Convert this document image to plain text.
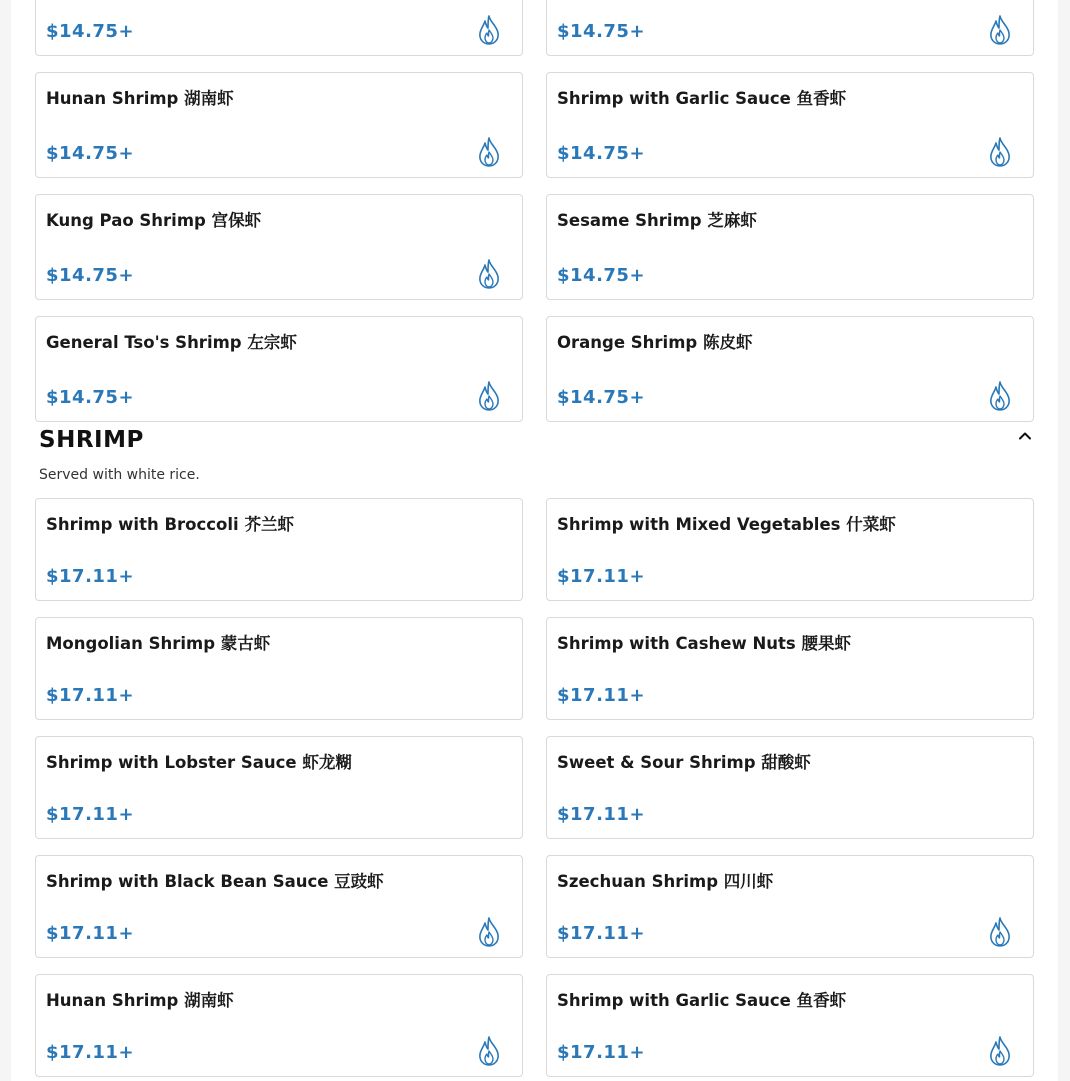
$14.75+	$14.75+
Hunan Shrimp 湖南虾
$14.75+
Shrimp with Garlic Sauce 鱼香虾
$14.75+
Kung Pao Shrimp 宫保虾
$14.75+
Sesame Shrimp 芝麻虾
$14.75+
General Tso's Shrimp 左宗虾
$14.75+
Orange Shrimp 陈皮虾
$14.75+
SHRIMP
Served with white rice.
Shrimp with Broccoli 芥兰虾
$17.11+
Shrimp with Mixed Vegetables 什菜虾
$17.11+
Mongolian Shrimp 蒙古虾
$17.11+
Shrimp with Cashew Nuts 腰果虾
$17.11+
Shrimp with Lobster Sauce 虾龙糊
$17.11+
Sweet & Sour Shrimp 甜酸虾
$17.11+
Shrimp with Black Bean Sauce 豆豉虾
$17.11+
Szechuan Shrimp 四川虾
$17.11+
Hunan Shrimp 湖南虾
$17.11+
Shrimp with Garlic Sauce 鱼香虾
$17.11+
